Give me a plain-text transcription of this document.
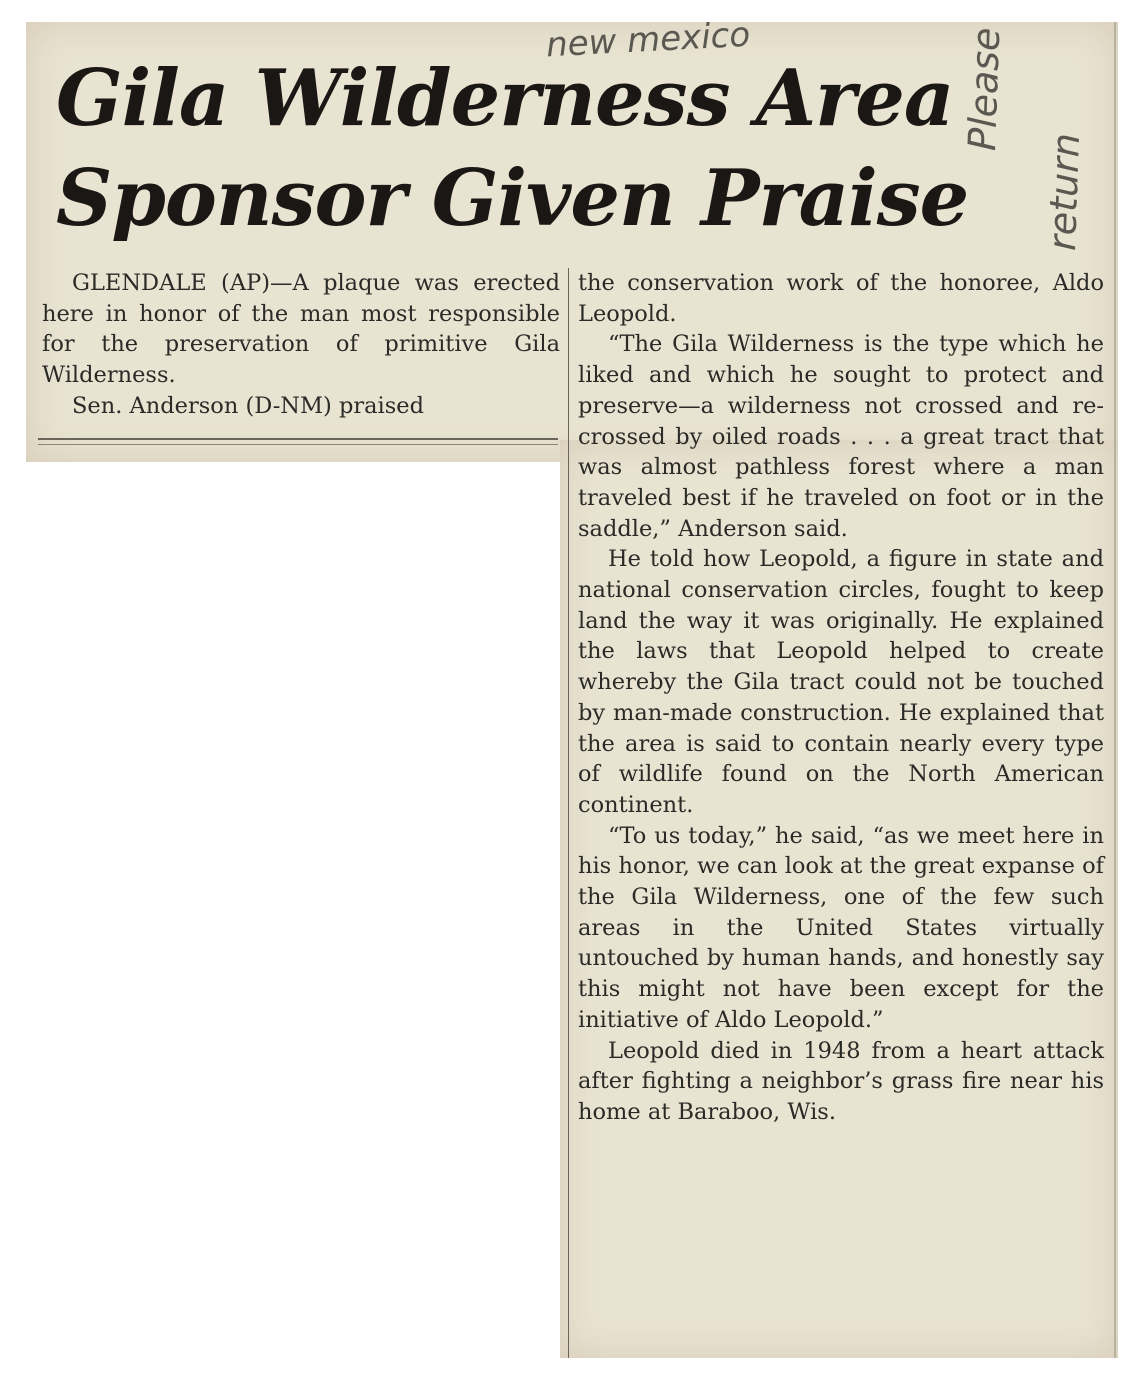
new mexico	Please
return
Gila Wilderness Area
Sponsor Given Praise

GLENDALE (AP)—A plaque was erected here in honor of the man most responsible for the preservation of primitive Gila Wilderness.

Sen. Anderson (D-NM) praised

the conservation work of the honoree, Aldo Leopold.

“The Gila Wilderness is the type which he liked and which he sought to protect and preserve—a wilderness not crossed and re-crossed by oiled roads . . . a great tract that was almost pathless forest where a man traveled best if he traveled on foot or in the saddle,” Anderson said.

He told how Leopold, a figure in state and national conservation circles, fought to keep land the way it was originally. He explained the laws that Leopold helped to create whereby the Gila tract could not be touched by man-made construction. He explained that the area is said to contain nearly every type of wildlife found on the North American continent.

“To us today,” he said, “as we meet here in his honor, we can look at the great expanse of the Gila Wilderness, one of the few such areas in the United States virtually untouched by human hands, and honestly say this might not have been except for the initiative of Aldo Leopold.”

Leopold died in 1948 from a heart attack after fighting a neighbor’s grass fire near his home at Baraboo, Wis.
